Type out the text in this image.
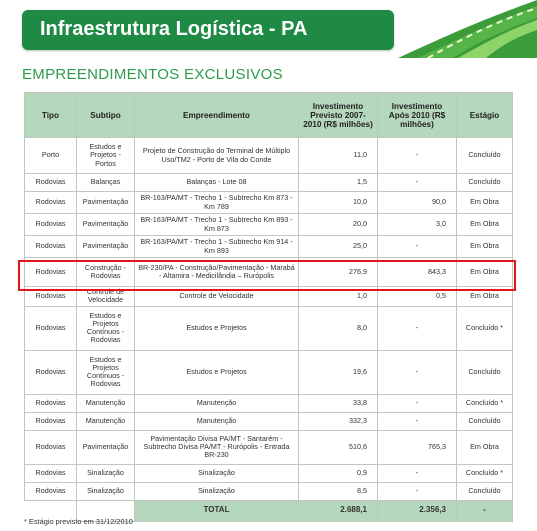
Infraestrutura Logística - PA
EMPREENDIMENTOS EXCLUSIVOS
Tipo	Subtipo	Empreendimento	Investimento Previsto 2007-2010 (R$ milhões)	Investimento Após 2010 (R$ milhões)	Estágio
Porto	Estudos e Projetos - Portos	Projeto de Construção do Terminal de Múltiplo Uso/TM2 - Porto de Vila do Conde	11,0	-	Concluído
Rodovias	Balanças	Balanças - Lote 08	1,5	-	Concluído
Rodovias	Pavimentação	BR-163/PA/MT - Trecho 1 - Subtrecho Km 873 - Km 789	10,0	90,0	Em Obra
Rodovias	Pavimentação	BR-163/PA/MT - Trecho 1 - Subtrecho Km 893 - Km 873	20,0	3,0	Em Obra
Rodovias	Pavimentação	BR-163/PA/MT - Trecho 1 - Subtrecho Km 914 - Km 893	25,0	-	Em Obra
Rodovias	Construção - Rodovias	BR-230/PA - Construção/Pavimentação - Marabá - Altamira - Medicilândia – Rurópolis	276,9	843,3	Em Obra
Rodovias	Controle de Velocidade	Controle de Velocidade	1,0	0,5	Em Obra
Rodovias	Estudos e Projetos Contínuos - Rodovias	Estudos e Projetos	8,0	-	Concluído *
Rodovias	Estudos e Projetos Contínuos - Rodovias	Estudos e Projetos	19,6	-	Concluído
Rodovias	Manutenção	Manutenção	33,8	-	Concluído *
Rodovias	Manutenção	Manutenção	332,3	-	Concluído
Rodovias	Pavimentação	Pavimentação Divisa PA/MT - Santarém - Subtrecho Divisa PA/MT - Rurópolis - Entrada BR-230	510,6	765,3	Em Obra
Rodovias	Sinalização	Sinalização	0,9	-	Concluído *
Rodovias	Sinalização	Sinalização	8,5	-	Concluído
		TOTAL	2.688,1	2.356,3	-
* Estágio previsto em 31/12/2010
